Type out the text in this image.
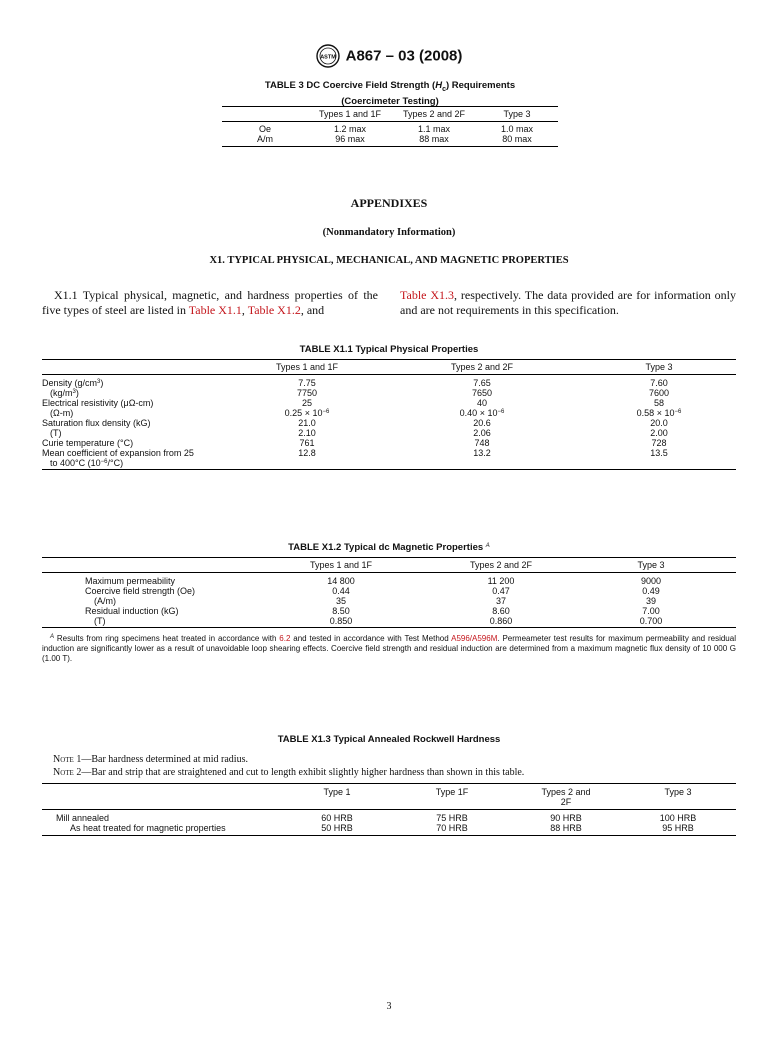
ASTM A867 – 03 (2008)
TABLE 3 DC Coercive Field Strength $(H_c)$ Requirements
(Coercimeter Testing)
	Types 1 and 1F	Types 2 and 2F	Type 3
Oe	1.2 max	1.1 max	1.0 max
A/m	96 max	88 max	80 max
APPENDIXES
(Nonmandatory Information)
X1. TYPICAL PHYSICAL, MECHANICAL, AND MAGNETIC PROPERTIES
X1.1 Typical physical, magnetic, and hardness properties of the five types of steel are listed in Table X1.1, Table X1.2, and
Table X1.3, respectively. The data provided are for information only and are not requirements in this specification.
TABLE X1.1 Typical Physical Properties
	Types 1 and 1F	Types 2 and 2F	Type 3
Density $(g/cm^3)$	7.75	7.65	7.60
$(kg/m^3)$	7750	7650	7600
Electrical resistivity (μΩ-cm)	25	40	58
(Ω-m)	$0.25 \times 10^{-6}$	$0.40 \times 10^{-6}$	$0.58 \times 10^{-6}$
Saturation flux density (kG)	21.0	20.6	20.0
(T)	2.10	2.06	2.00
Curie temperature (°C)	761	748	728
Mean coefficient of expansion from 25	12.8	13.2	13.5
to 400°C $(10^{-6}/^\circ C)$			
TABLE X1.2 Typical dc Magnetic Properties $^A$
	Types 1 and 1F	Types 2 and 2F	Type 3
Maximum permeability	14 800	11 200	9000
Coercive field strength (Oe)	0.44	0.47	0.49
(A/m)	35	37	39
Residual induction (kG)	8.50	8.60	7.00
(T)	0.850	0.860	0.700
$^A$ Results from ring specimens heat treated in accordance with 6.2 and tested in accordance with Test Method A596/A596M. Permeameter test results for maximum permeability and residual induction are significantly lower as a result of unavoidable loop shearing effects. Coercive field strength and residual induction are determined from a maximum magnetic flux density of 10 000 G (1.00 T).
TABLE X1.3 Typical Annealed Rockwell Hardness
Note 1—Bar hardness determined at mid radius.
Note 2—Bar and strip that are straightened and cut to length exhibit slightly higher hardness than shown in this table.
	Type 1	Type 1F	Types 2 and
2F	Type 3
Mill annealed	60 HRB	75 HRB	90 HRB	100 HRB
As heat treated for magnetic properties	50 HRB	70 HRB	88 HRB	95 HRB
3
